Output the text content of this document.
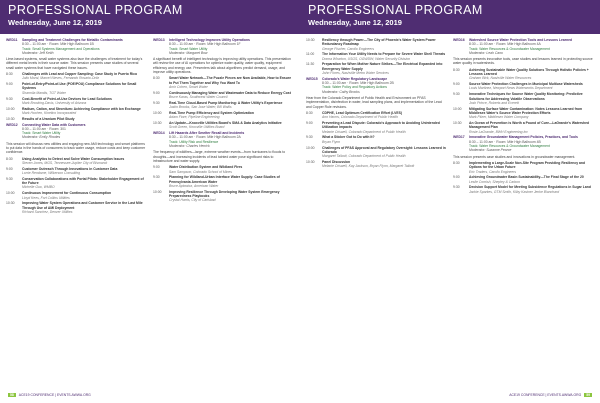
PROFESSIONAL PROGRAM
Wednesday, June 12, 2019
WED11	Sampling and Treatment Challenges for Metallic Contaminants
8:30 – 11:00 am · Room: Mile High Ballroom 1B
Track: Small Systems Management and Operations
Moderator: Jeff Keith
Lime-based systems, small water systems also face the challenges of treatment for today's different metal levels in their source water. This session presents case studies of several small water systems that have navigated these issues.
8:30	Challenges with Lead and Copper Sampling: Case Study in Puerto Rico
Julio Moral, Marvel Nieves, Fernando Rosario-Ortiz
9:00	Point-of-Entry/Point-of-Use (POE/POU) Compliance Solutions for Small Systems
Sharmila Mandis, TGT Water
9:30	Cost-Benefit of Point-of-Use Devices for Lead Solutions
Mark Brooking-Davis, University of Arizona
10:00	Radium, Cation, and Strontium: Achieving Compliance with Ion Exchange
Mark Hochen, Kinetico Incorporated
10:30	Results of a Uranium Pilot Study
WED12	Connecting Water Data with Customers
8:30 – 11:00 am · Room: 301
Track: Smart Water Utility
Moderator: Emily Rhodes
This session will discuss new utilities and engaging new AMI technology and smart platforms to put data in the hands of consumers to track water usage, reduce costs and keep customer confidence.
8:30	Using Analytics to Detect and Solve Water Consumption Issues
Steven Jones, MGS, Tennessee-Jupiter City of Bismarck
9:00	Customer Outreach Through Innovations in Customer Data
Lorrie Rendome, Wilkerson Consulting
9:30	Conservation Collaborations with Portal Pilots: Stakeholder Engagement of the Future
Michelle Guo, WMBO
10:00	Continuous Improvement for Continuous Consumption
Lloyd Kees, Fort Collins Utilities
10:30	Improving Water System Operations and Customer Service in the Last Mile Through Use of AMI Deployment
Richard Sanchez, Denver Utilities
WED13	Intelligent Technology Improves Utility Operations
8:30 – 11:00 am · Room: Mile High Ballroom 1F
Track: Smart Water Utility
Moderator: Margaret Bow
A significant benefit of intelligent technology is improving utility operations. This presentation will review the use of AI operations for optimize water quality, water quality, equipment efficiency and energy use. Presenters talk about algorithms predict demand, usage, and improve utility operations.
8:30	Smart Water Network—The Puzzle Pieces are Now Available, How to Ensure to Put Them Together and Why You Want To
Amir Cohen, Smart Water
9:00	Continuously Managing Water and Wastewater Data to Reduce Energy Cost
Bruce Karas, Southwest Water Council
9:30	Real-Time Cloud-Based Pump Monitoring: A Water Utility's Experience
Justin Brooks, San Jose Water; Bill Wallis
10:00	Real-Time Pump Efficiency and System Optimization
Adam Fiore, Pipeline Engineering
10:30	An Update—Knoxville Utilities Board's SMA & Data Analytics Initiative
Scott Green, Knoxville Utilities Board
WED14	Lift Hazards After Smelter Recall and Incidents
8:30 – 11:00 am · Room: Mile High Ballroom 2A
Track: Utility Risk and Resilience
Moderator: Charles Herrick
The frequency of wildfires—large, extreme weather events—from hurricanes to floods to droughts—and increasing incidents of lead tainted water pose significant risks to infrastructure and water supply.
9:00	Water Distribution System and Wildland Fires
Sam Sampson, Colorado School of Mines
9:30	Planning for Wildland-Urban Interface Water Supply: Case Studies of Pennsylvania American Water
Bruce Aptowicz, American Water
10:00	Improving Resilience Through Developing Water System Emergency Preparedness Playbooks
Crystal Harris, City of Carlsbad
58	ACE19 CONFERENCE | EVENTS.AWWA.ORG
PROFESSIONAL PROGRAM
Wednesday, June 12, 2019
10:30	Resiliency through Power—The City of Phoenix's Water System Power Redundancy Roadmap
George Fischer, Carollo Engineers
11:00	The Information Your Utility Needs to Prepare for Severe Water Shell Threats
Donna Wharton, USGS, OGWDW; Water Security Division
11:30	Preparation for When Mother Nature Strikes—The Electrical Expanded into Emergency Water Supply
John Flores, Nashville Metro Water Services
WED15	Colorado's Water Regulatory Landscape
8:30 – 11:00 am · Room: Mile High Ballroom 2B
Track: Water Policy and Regulatory Actions
Moderator: Cathy Brooks
Hear from the Colorado Department of Public Health and Environment on PFAS implementation, disinfection in water, lead sampling plans, and implementation of the Lead and Copper Rule revisions.
8:30	CDPHE, Lead Optimum Certification Effort (LVES)
Ann Harms, Colorado Department of Public Health
9:00	Preventing a Lead Dispute: Colorado's Approach to Avoiding Unintended Utilization Impacts
Melanie Criswell, Colorado Department of Public Health
9:30	What a Sticker Got to Do with It?
Bryan Flynn
10:00	Challenges of PFAS Approval and Regulatory Oversight: Lessons Learned in Colorado
Margaret Talbott, Colorado Department of Public Health
10:30	Panel Discussion
Melanie Criswell, Kay Jackson, Bryan Flynn, Margaret Talbott
WED16	Watershed Source Water Protection Tools and Lessons Learned
8:30 – 11:00 am · Room: Mile High Ballroom 4A
Track: Water Resources & Groundwater Management
Moderator: Leah Cano
This session presents innovative tools, case studies and lessons learned in protecting source water quality in watersheds.
8:30	Achieving Sustainable Water Quality Solutions Through Holistic Policies + Lessons Learned
Graham Bick, Nashville Water Resources
9:00	Source Water Protection Challenges in Municipal Multiuse Watersheds
Louis Martinez, Newport News Waterworks Department
9:30	Innovative Techniques for Source Water Quality Monitoring: Predictive Solutions for Addressing Volatile Observations
Josh Prince, Roberts and Everett
10:00	Mitigating Surface Water Contamination: Notes Lessons Learned from Middlesex Water's Source Water Protection Efforts
Mark Pitzer, Middlesex Water Company
10:30	An Ocean of Prevention is Worth a Pound of Cure—LaGrande's Watershed Management Plan
Rosie LaGrande, BWH Engineering Inc
WED17	Innovative Groundwater Management Policies, Practices, and Tools
8:30 – 11:00 am · Room: Mile High Ballroom 4B
Track: Water Resources & Groundwater Management
Moderator: Suzanne Pearce
This session presents case studies and innovations in groundwater management.
8:30	Implementing a Large-Scale Non-Site Program Providing Resiliency and Options for the Urban Future
Eric Traders, Carollo Engineers
9:00	Achieving Groundwater Basin Sustainability—The Final Stage of the 20
Leslie Cornish, Shepley & Carbon
9:30	Decision Support Model for Meeting Subsidence Regulations in Sugar Land
Jackie Sparkes, GTM Smith, Kilby Kastner Jenke Blanchard
ACE19 CONFERENCE | EVENTS.AWWA.ORG	59
